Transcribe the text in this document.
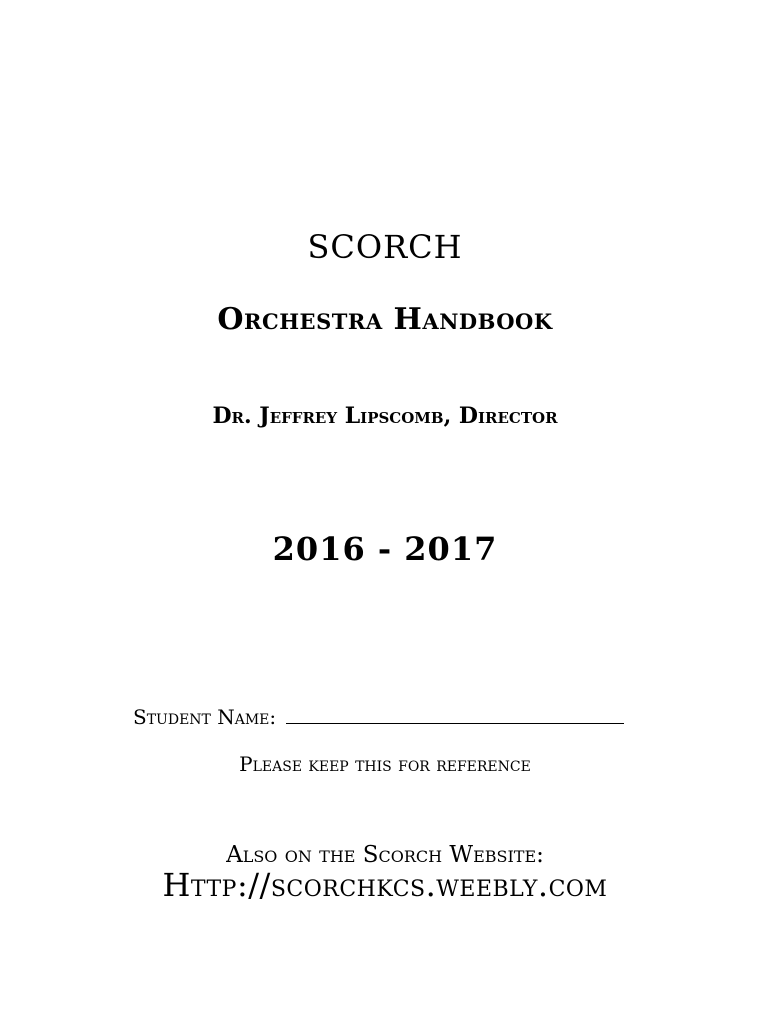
SCORCH
Orchestra Handbook
Dr. Jeffrey Lipscomb, Director
2016 - 2017
Student Name:
Please keep this for reference
Also on the Scorch Website:
Http://scorchkcs.weebly.com
